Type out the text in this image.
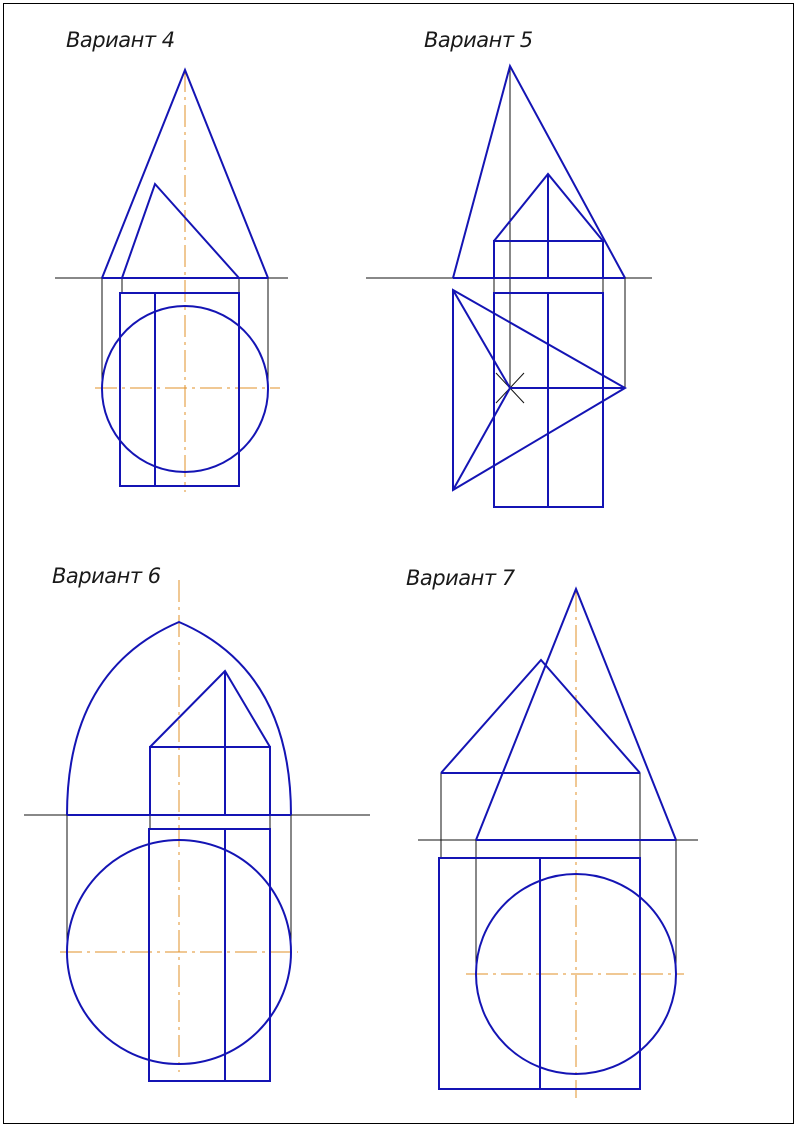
Вариант 4	Вариант 5
Вариант 6	Вариант 7
